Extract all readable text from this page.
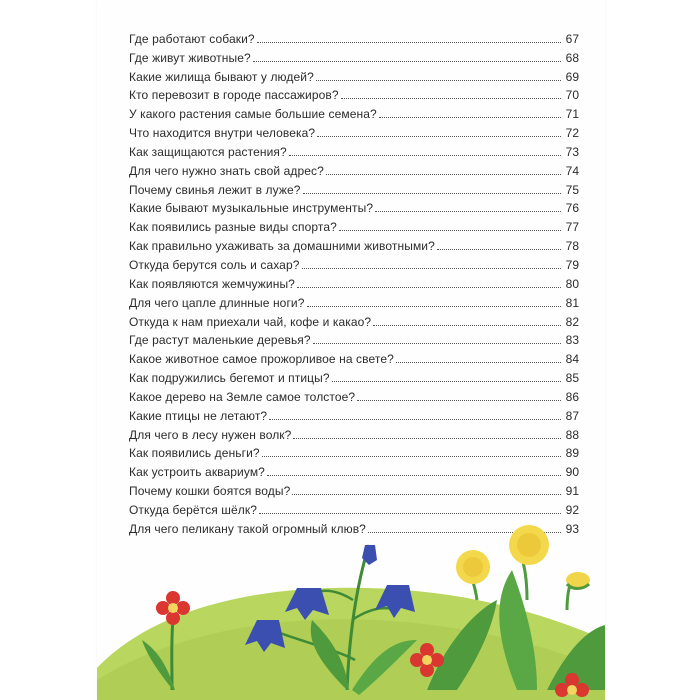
Где работают собаки?	67
Где живут животные?	68
Какие жилища бывают у людей?	69
Кто перевозит в городе пассажиров?	70
У какого растения самые большие семена?	71
Что находится внутри человека?	72
Как защищаются растения?	73
Для чего нужно знать свой адрес?	74
Почему свинья лежит в луже?	75
Какие бывают музыкальные инструменты?	76
Как появились разные виды спорта?	77
Как правильно ухаживать за домашними животными?	78
Откуда берутся соль и сахар?	79
Как появляются жемчужины?	80
Для чего цапле длинные ноги?	81
Откуда к нам приехали чай, кофе и какао?	82
Где растут маленькие деревья?	83
Какое животное самое прожорливое на свете?	84
Как подружились бегемот и птицы?	85
Какое дерево на Земле самое толстое?	86
Какие птицы не летают?	87
Для чего в лесу нужен волк?	88
Как появились деньги?	89
Как устроить аквариум?	90
Почему кошки боятся воды?	91
Откуда берётся шёлк?	92
Для чего пеликану такой огромный клюв?	93
